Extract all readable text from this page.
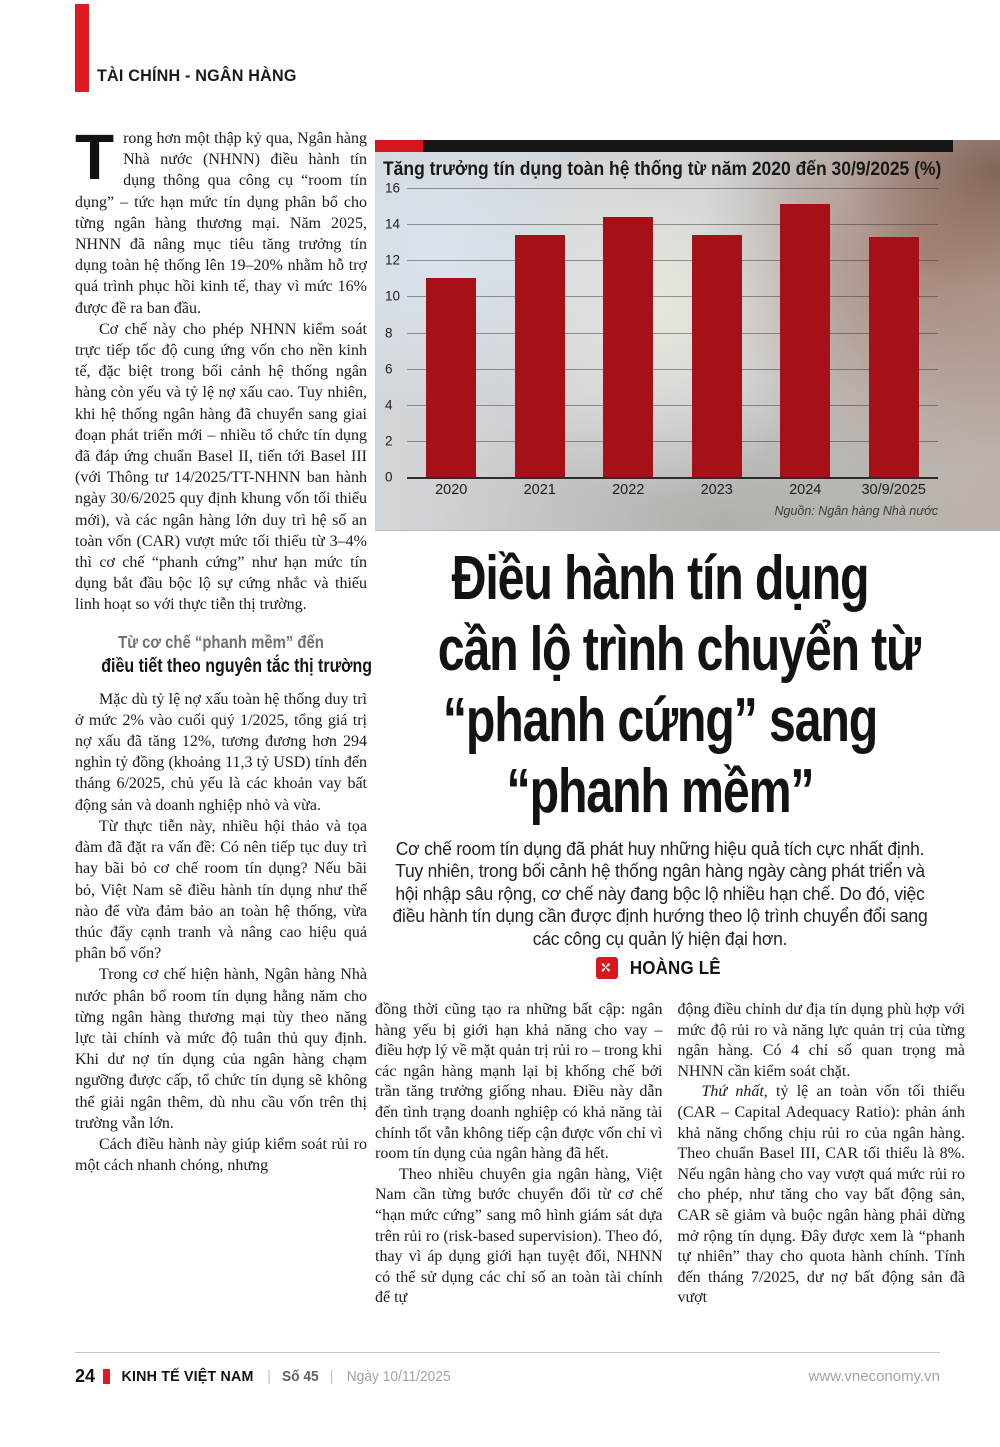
TÀI CHÍNH - NGÂN HÀNG

Trong hơn một thập kỷ qua, Ngân hàng Nhà nước (NHNN) điều hành tín dụng thông qua công cụ “room tín dụng” – tức hạn mức tín dụng phân bổ cho từng ngân hàng thương mại. Năm 2025, NHNN đã nâng mục tiêu tăng trưởng tín dụng toàn hệ thống lên 19–20% nhằm hỗ trợ quá trình phục hồi kinh tế, thay vì mức 16% được đề ra ban đầu.

Cơ chế này cho phép NHNN kiểm soát trực tiếp tốc độ cung ứng vốn cho nền kinh tế, đặc biệt trong bối cảnh hệ thống ngân hàng còn yếu và tỷ lệ nợ xấu cao. Tuy nhiên, khi hệ thống ngân hàng đã chuyển sang giai đoạn phát triển mới – nhiều tổ chức tín dụng đã đáp ứng chuẩn Basel II, tiến tới Basel III (với Thông tư 14/2025/TT-NHNN ban hành ngày 30/6/2025 quy định khung vốn tối thiểu mới), và các ngân hàng lớn duy trì hệ số an toàn vốn (CAR) vượt mức tối thiểu từ 3–4% thì cơ chế “phanh cứng” như hạn mức tín dụng bắt đầu bộc lộ sự cứng nhắc và thiếu linh hoạt so với thực tiễn thị trường.

Từ cơ chế “phanh mềm” đến
điều tiết theo nguyên tắc thị trường

Mặc dù tỷ lệ nợ xấu toàn hệ thống duy trì ở mức 2% vào cuối quý 1/2025, tổng giá trị nợ xấu đã tăng 12%, tương đương hơn 294 nghìn tỷ đồng (khoảng 11,3 tỷ USD) tính đến tháng 6/2025, chủ yếu là các khoản vay bất động sản và doanh nghiệp nhỏ và vừa.

Từ thực tiễn này, nhiều hội thảo và tọa đàm đã đặt ra vấn đề: Có nên tiếp tục duy trì hay bãi bỏ cơ chế room tín dụng? Nếu bãi bỏ, Việt Nam sẽ điều hành tín dụng như thế nào để vừa đảm bảo an toàn hệ thống, vừa thúc đẩy cạnh tranh và nâng cao hiệu quả phân bổ vốn?

Trong cơ chế hiện hành, Ngân hàng Nhà nước phân bổ room tín dụng hằng năm cho từng ngân hàng thương mại tùy theo năng lực tài chính và mức độ tuân thủ quy định. Khi dư nợ tín dụng của ngân hàng chạm ngưỡng được cấp, tổ chức tín dụng sẽ không thể giải ngân thêm, dù nhu cầu vốn trên thị trường vẫn lớn.

Cách điều hành này giúp kiểm soát rủi ro một cách nhanh chóng, nhưng

Tăng trưởng tín dụng toàn hệ thống từ năm 2020 đến 30/9/2025 (%)
0
2
4
6
8
10
12
14
16
2020	2021	2022	2023	2024	30/9/2025
Nguồn: Ngân hàng Nhà nước
Điều hành tín dụng
cần lộ trình chuyển từ
“phanh cứng” sang
“phanh mềm”
Cơ chế room tín dụng đã phát huy những hiệu quả tích cực nhất định. Tuy nhiên, trong bối cảnh hệ thống ngân hàng ngày càng phát triển và hội nhập sâu rộng, cơ chế này đang bộc lộ nhiều hạn chế. Do đó, việc điều hành tín dụng cần được định hướng theo lộ trình chuyển đổi sang các công cụ quản lý hiện đại hơn.
✢ HOÀNG LÊ

đồng thời cũng tạo ra những bất cập: ngân hàng yếu bị giới hạn khả năng cho vay – điều hợp lý về mặt quản trị rủi ro – trong khi các ngân hàng mạnh lại bị khống chế bởi trần tăng trưởng giống nhau. Điều này dẫn đến tình trạng doanh nghiệp có khả năng tài chính tốt vẫn không tiếp cận được vốn chỉ vì room tín dụng của ngân hàng đã hết.

Theo nhiều chuyên gia ngân hàng, Việt Nam cần từng bước chuyển đổi từ cơ chế “hạn mức cứng” sang mô hình giám sát dựa trên rủi ro (risk-based supervision). Theo đó, thay vì áp dụng giới hạn tuyệt đối, NHNN có thể sử dụng các chỉ số an toàn tài chính để tự

động điều chỉnh dư địa tín dụng phù hợp với mức độ rủi ro và năng lực quản trị của từng ngân hàng. Có 4 chỉ số quan trọng mà NHNN cần kiểm soát chặt.

Thứ nhất, tỷ lệ an toàn vốn tối thiểu (CAR – Capital Adequacy Ratio): phản ánh khả năng chống chịu rủi ro của ngân hàng. Theo chuẩn Basel III, CAR tối thiểu là 8%. Nếu ngân hàng cho vay vượt quá mức rủi ro cho phép, như tăng cho vay bất động sản, CAR sẽ giảm và buộc ngân hàng phải dừng mở rộng tín dụng. Đây được xem là “phanh tự nhiên” thay cho quota hành chính. Tính đến tháng 7/2025, dư nợ bất động sản đã vượt

24 KINH TẾ VIỆT NAM | Số 45 | Ngày 10/11/2025	www.vneconomy.vn
